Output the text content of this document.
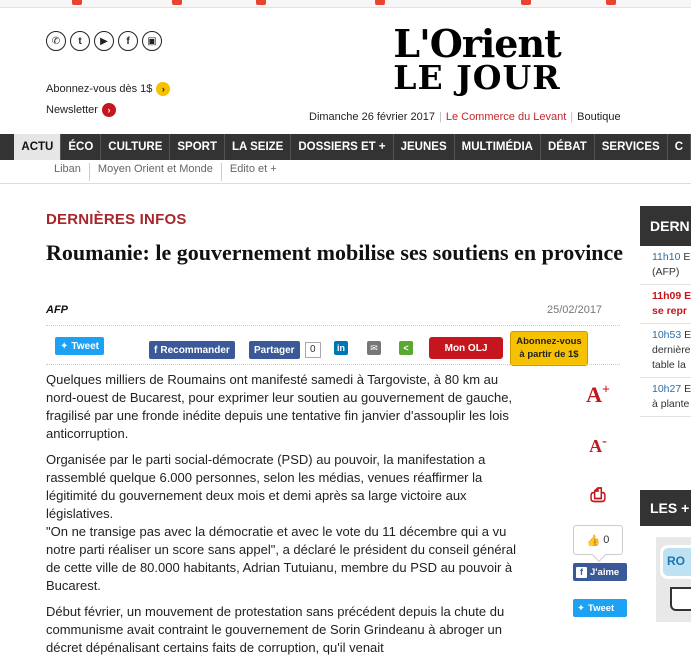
✆	t	▶	f	▣
Abonnez-vous dès 1$	›
Newsletter	›
L'Orient
LE JOUR
Dimanche 26 février 2017 | Le Commerce du Levant | Boutique
ACTU	ÉCO	CULTURE	SPORT	LA SEIZE	DOSSIERS ET +	JEUNES	MULTIMÉDIA	DÉBAT	SERVICES	C
Liban	Moyen Orient et Monde	Edito et +
DERNIÈRES INFOS
Roumanie: le gouvernement mobilise ses soutiens en province
AFP	25/02/2017
✦ Tweet	f Recommander Partager	0	in	✉	<	Mon OLJ
Abonnez-vous
à partir de 1$

Quelques milliers de Roumains ont manifesté samedi à Targoviste, à 80 km au nord-ouest de Bucarest, pour exprimer leur soutien au gouvernement de gauche, fragilisé par une fronde inédite depuis une tentative fin janvier d'assouplir les lois anticorruption.

Organisée par le parti social-démocrate (PSD) au pouvoir, la manifestation a rassemblé quelque 6.000 personnes, selon les médias, venues réaffirmer la légitimité du gouvernement deux mois et demi après sa large victoire aux législatives.

"On ne transige pas avec la démocratie et avec le vote du 11 décembre qui a vu notre parti réaliser un score sans appel", a déclaré le président du conseil général de cette ville de 80.000 habitants, Adrian Tutuianu, membre du PSD au pouvoir à Bucarest.

Début février, un mouvement de protestation sans précédent depuis la chute du communisme avait contraint le gouvernement de Sorin Grindeanu à abroger un décret dépénalisant certains faits de corruption, qu'il venait

A+
A-
⎙
👍 0
f J'aime
✦ Tweet
DERN
11h10 E
(AFP)
11h09 E
se repr
10h53 E
dernière
table la
10h27 E
à plante
LES +
RO
